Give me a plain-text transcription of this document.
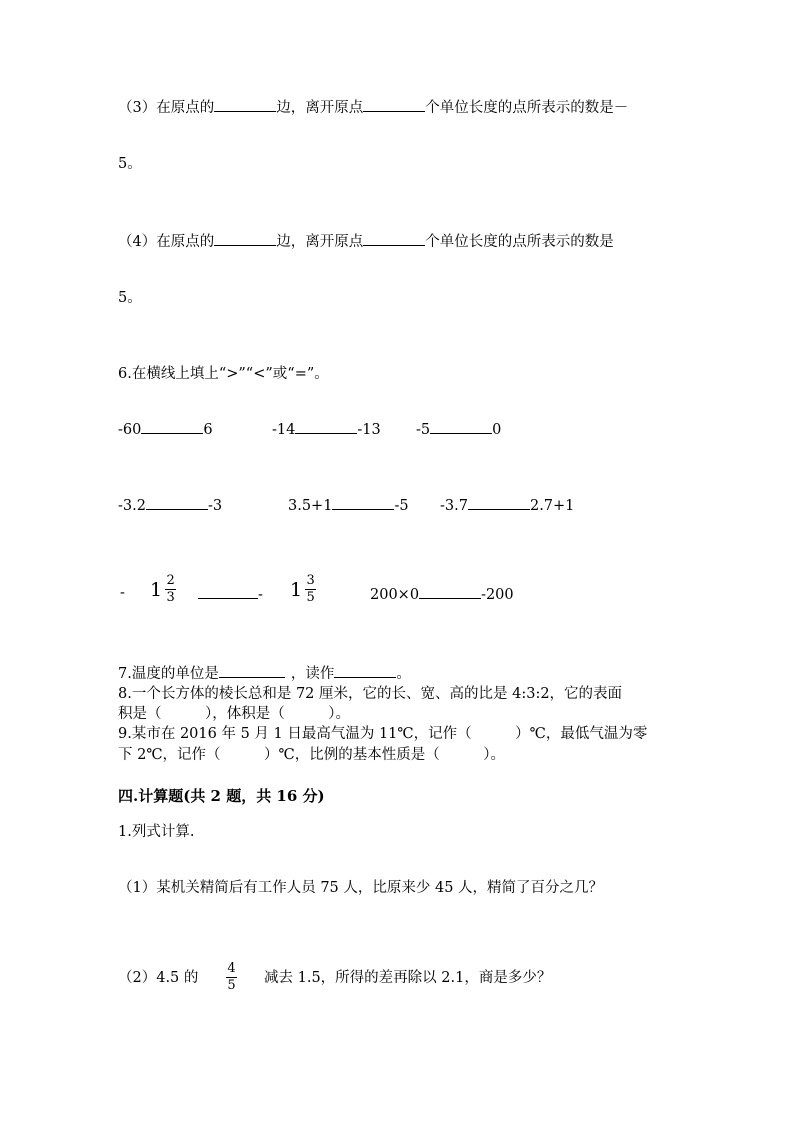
（3）在原点的	边，离开原点	个单位长度的点所表示的数是－
5。
（4）在原点的	边，离开原点	个单位长度的点所表示的数是
5。
6.在横线上填上“>”“<”或“=”。
-60	6	-14	-13 -5	0
-3.2	-3	3.5+1	-5 -3.7	2.7+1
- $1 \frac{2}{3}$	- $1 \frac{3}{5}$	200×0	-200
7.温度的单位是	，读作	。
8.一个长方体的棱长总和是 72 厘米，它的长、宽、高的比是 4:3:2，它的表面
积是（　　　），体积是（　　　）。
9.某市在 2016 年 5 月 1 日最高气温为 11℃，记作（　　　）℃，最低气温为零
下 2℃，记作（　　　）℃，比例的基本性质是（　　　）。
四.计算题(共 2 题，共 16 分)
1.列式计算.
（1）某机关精简后有工作人员 75 人，比原来少 45 人，精简了百分之几？
（2）4.5 的 $\frac{4}{5}$ 减去 1.5，所得的差再除以 2.1，商是多少？
